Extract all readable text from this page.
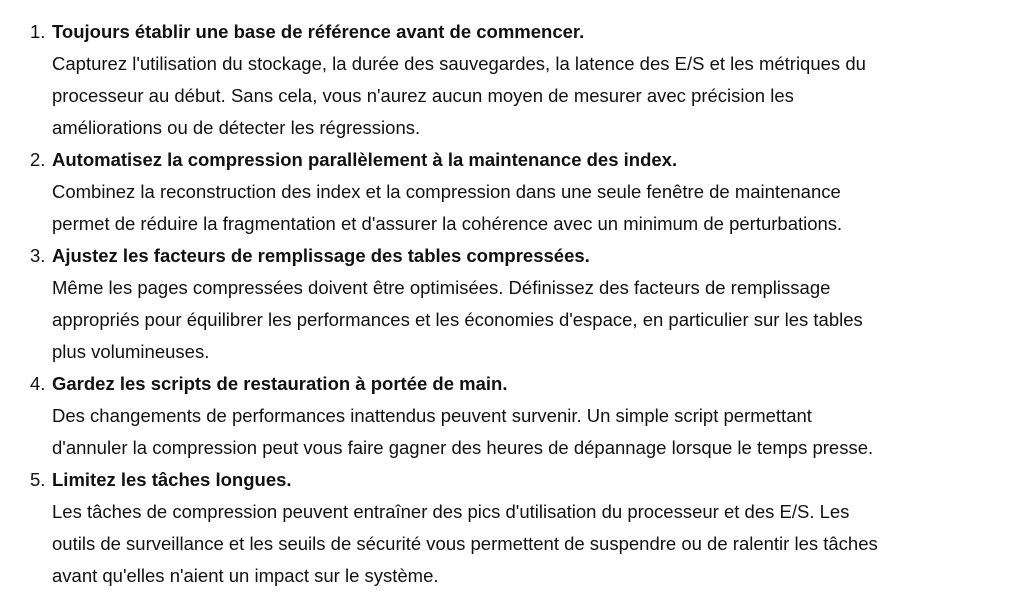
1. Toujours établir une base de référence avant de commencer.
Capturez l'utilisation du stockage, la durée des sauvegardes, la latence des E/S et les métriques du
processeur au début. Sans cela, vous n'aurez aucun moyen de mesurer avec précision les
améliorations ou de détecter les régressions.
2. Automatisez la compression parallèlement à la maintenance des index.
Combinez la reconstruction des index et la compression dans une seule fenêtre de maintenance
permet de réduire la fragmentation et d'assurer la cohérence avec un minimum de perturbations.
3. Ajustez les facteurs de remplissage des tables compressées.
Même les pages compressées doivent être optimisées. Définissez des facteurs de remplissage
appropriés pour équilibrer les performances et les économies d'espace, en particulier sur les tables
plus volumineuses.
4. Gardez les scripts de restauration à portée de main.
Des changements de performances inattendus peuvent survenir. Un simple script permettant
d'annuler la compression peut vous faire gagner des heures de dépannage lorsque le temps presse.
5. Limitez les tâches longues.
Les tâches de compression peuvent entraîner des pics d'utilisation du processeur et des E/S. Les
outils de surveillance et les seuils de sécurité vous permettent de suspendre ou de ralentir les tâches
avant qu'elles n'aient un impact sur le système.
